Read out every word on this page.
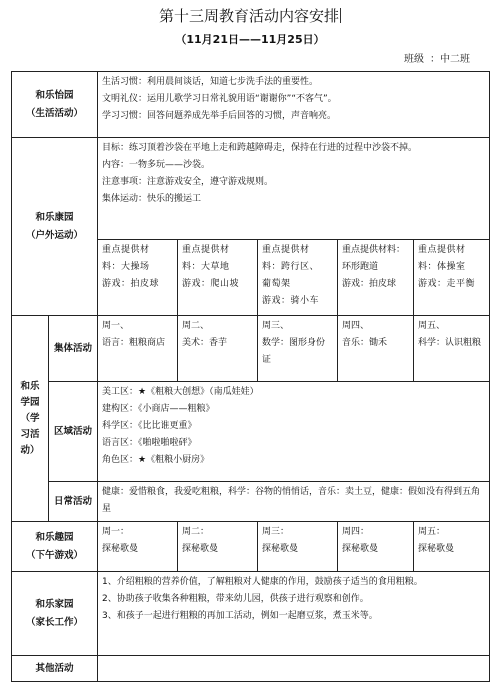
第十三周教育活动内容安排
（11月21日——11月25日）
班级 ：中二班
和乐怡园
（生活活动）		生活习惯：利用晨间谈话，知道七步洗手法的重要性。
文明礼仪：运用儿歌学习日常礼貌用语“谢谢你”“不客气”。
学习习惯：回答问题养成先举手后回答的习惯，声音响亮。				

和乐康园
（户外运动）		目标：练习顶着沙袋在平地上走和跨越障碍走，保持在行进的过程中沙袋不掉。
内容：一物多玩——沙袋。
注意事项：注意游戏安全，遵守游戏规则。
集体运动：快乐的搬运工				

		重点提供材
料：大操场
游戏：拍皮球	重点提供材
料：大草地
游戏：爬山坡	重点提供材
料：跨行区、
葡萄架
游戏：骑小车	重点提供材料：环形跑道
游戏：拍皮球	重点提供材
料：体操室
游戏：走平衡

和乐学园（学习活动）	集体活动	周一、
语言：粗粮商店	周二、
美术：香芋	周三、
数学：图形身份证	周四、
音乐：锄禾	周五、
科学：认识粗粮

	区域活动	美工区：★《粗粮大创想》（南瓜娃娃）
建构区：《小商店——粗粮》
科学区：《比比谁更重》
语言区：《啪啦啪啦砰》
角色区：★《粗粮小厨房》				

	日常活动	健康：爱惜粮食，我爱吃粗粮，科学：谷物的悄悄话，音乐：卖土豆，健康：假如没有得到五角星				

和乐趣园
（下午游戏）		周一：
探秘歌曼	周二：
探秘歌曼	周三：
探秘歌曼	周四：
探秘歌曼	周五：
探秘歌曼

和乐家园
（家长工作）		1、介绍粗粮的营养价值，了解粗粮对人健康的作用，鼓励孩子适当的食用粗粮。
2、协助孩子收集各种粗粮，带来幼儿园，供孩子进行观察和创作。
3、和孩子一起进行粗粮的再加工活动，例如一起磨豆浆，煮玉米等。				

其他活动						
